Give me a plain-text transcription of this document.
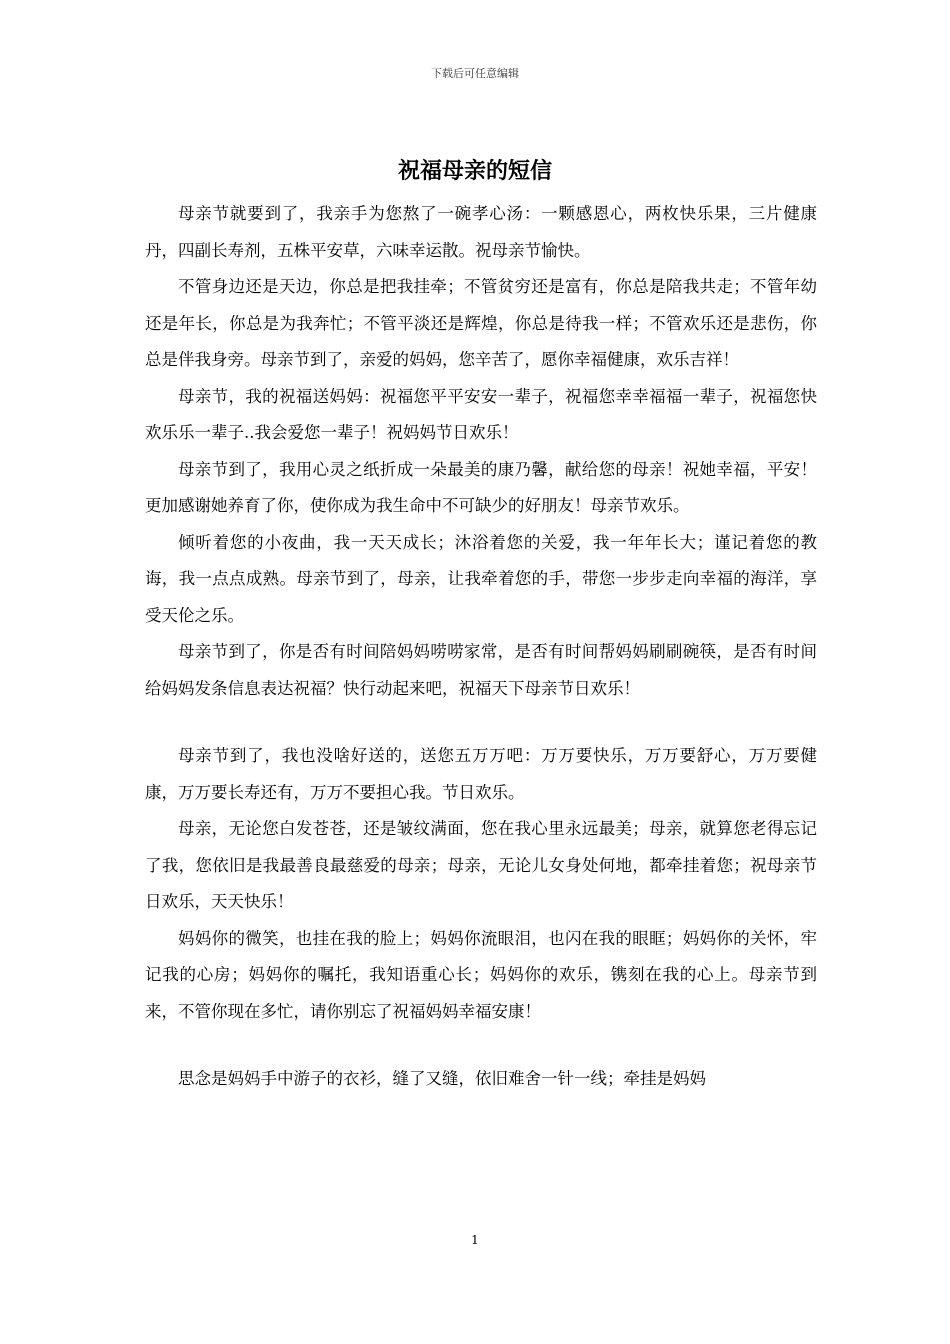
下载后可任意编辑
祝福母亲的短信

母亲节就要到了，我亲手为您熬了一碗孝心汤：一颗感恩心，两枚快乐果，三片健康丹，四副长寿剂，五株平安草，六味幸运散。祝母亲节愉快。

不管身边还是天边，你总是把我挂牵；不管贫穷还是富有，你总是陪我共走；不管年幼还是年长，你总是为我奔忙；不管平淡还是辉煌，你总是待我一样；不管欢乐还是悲伤，你总是伴我身旁。母亲节到了，亲爱的妈妈，您辛苦了，愿你幸福健康，欢乐吉祥！

母亲节，我的祝福送妈妈：祝福您平平安安一辈子，祝福您幸幸福福一辈子，祝福您快欢乐乐一辈子..我会爱您一辈子！祝妈妈节日欢乐！

母亲节到了，我用心灵之纸折成一朵最美的康乃馨，献给您的母亲！祝她幸福，平安！更加感谢她养育了你，使你成为我生命中不可缺少的好朋友！母亲节欢乐。

倾听着您的小夜曲，我一天天成长；沐浴着您的关爱，我一年年长大；谨记着您的教诲，我一点点成熟。母亲节到了，母亲，让我牵着您的手，带您一步步走向幸福的海洋，享受天伦之乐。

母亲节到了，你是否有时间陪妈妈唠唠家常，是否有时间帮妈妈刷刷碗筷，是否有时间给妈妈发条信息表达祝福？快行动起来吧，祝福天下母亲节日欢乐！

母亲节到了，我也没啥好送的，送您五万万吧：万万要快乐，万万要舒心，万万要健康，万万要长寿还有，万万不要担心我。节日欢乐。

母亲，无论您白发苍苍，还是皱纹满面，您在我心里永远最美；母亲，就算您老得忘记了我，您依旧是我最善良最慈爱的母亲；母亲，无论儿女身处何地，都牵挂着您；祝母亲节日欢乐，天天快乐！

妈妈你的微笑，也挂在我的脸上；妈妈你流眼泪，也闪在我的眼眶；妈妈你的关怀，牢记我的心房；妈妈你的嘱托，我知语重心长；妈妈你的欢乐，镌刻在我的心上。母亲节到来，不管你现在多忙，请你别忘了祝福妈妈幸福安康！

思念是妈妈手中游子的衣衫，缝了又缝，依旧难舍一针一线；牵挂是妈妈

1
